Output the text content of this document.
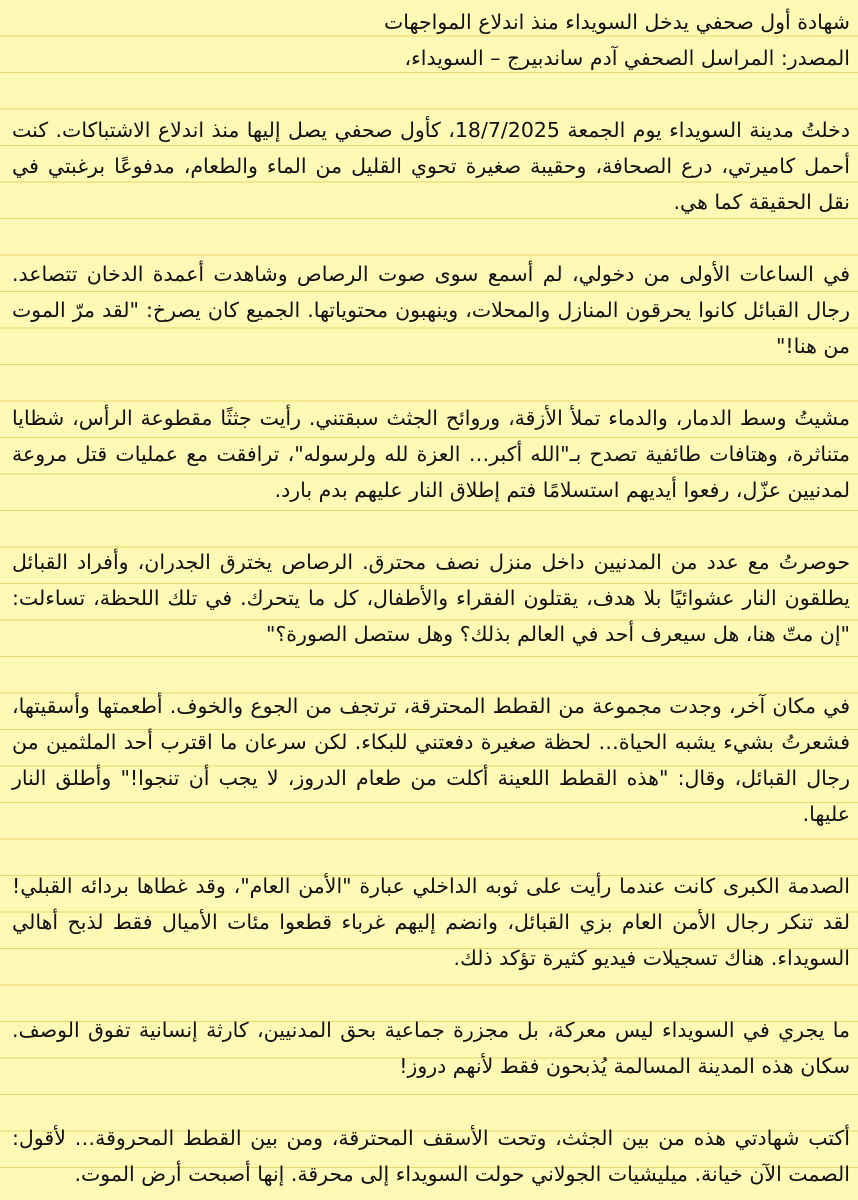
شهادة أول صحفي يدخل السويداء منذ اندلاع المواجهات

المصدر: المراسل الصحفي آدم ساندبيرج – السويداء،

دخلتُ مدينة السويداء يوم الجمعة 18/7/2025، كأول صحفي يصل إليها منذ اندلاع الاشتباكات. كنت أحمل كاميرتي، درع الصحافة، وحقيبة صغيرة تحوي القليل من الماء والطعام، مدفوعًا برغبتي في نقل الحقيقة كما هي.

في الساعات الأولى من دخولي، لم أسمع سوى صوت الرصاص وشاهدت أعمدة الدخان تتصاعد. رجال القبائل كانوا يحرقون المنازل والمحلات، وينهبون محتوياتها. الجميع كان يصرخ: "لقد مرّ الموت من هنا!"

مشيتُ وسط الدمار، والدماء تملأ الأزقة، وروائح الجثث سبقتني. رأيت جثثًا مقطوعة الرأس، شظايا متناثرة، وهتافات طائفية تصدح بـ"الله أكبر… العزة لله ولرسوله"، ترافقت مع عمليات قتل مروعة لمدنيين عزّل، رفعوا أيديهم استسلامًا فتم إطلاق النار عليهم بدم بارد.

حوصرتُ مع عدد من المدنيين داخل منزل نصف محترق. الرصاص يخترق الجدران، وأفراد القبائل يطلقون النار عشوائيًا بلا هدف، يقتلون الفقراء والأطفال، كل ما يتحرك. في تلك اللحظة، تساءلت: "إن متّ هنا، هل سيعرف أحد في العالم بذلك؟ وهل ستصل الصورة؟"

في مكان آخر، وجدت مجموعة من القطط المحترقة، ترتجف من الجوع والخوف. أطعمتها وأسقيتها، فشعرتُ بشيء يشبه الحياة… لحظة صغيرة دفعتني للبكاء. لكن سرعان ما اقترب أحد الملثمين من رجال القبائل، وقال: "هذه القطط اللعينة أكلت من طعام الدروز، لا يجب أن تنجوا!" وأطلق النار عليها.

الصدمة الكبرى كانت عندما رأيت على ثوبه الداخلي عبارة "الأمن العام"، وقد غطاها بردائه القبلي! لقد تنكر رجال الأمن العام بزي القبائل، وانضم إليهم غرباء قطعوا مئات الأميال فقط لذبح أهالي السويداء. هناك تسجيلات فيديو كثيرة تؤكد ذلك.

ما يجري في السويداء ليس معركة، بل مجزرة جماعية بحق المدنيين، كارثة إنسانية تفوق الوصف. سكان هذه المدينة المسالمة يُذبحون فقط لأنهم دروز!

أكتب شهادتي هذه من بين الجثث، وتحت الأسقف المحترقة، ومن بين القطط المحروقة… لأقول: الصمت الآن خيانة. ميليشيات الجولاني حولت السويداء إلى محرقة. إنها أصبحت أرض الموت.
